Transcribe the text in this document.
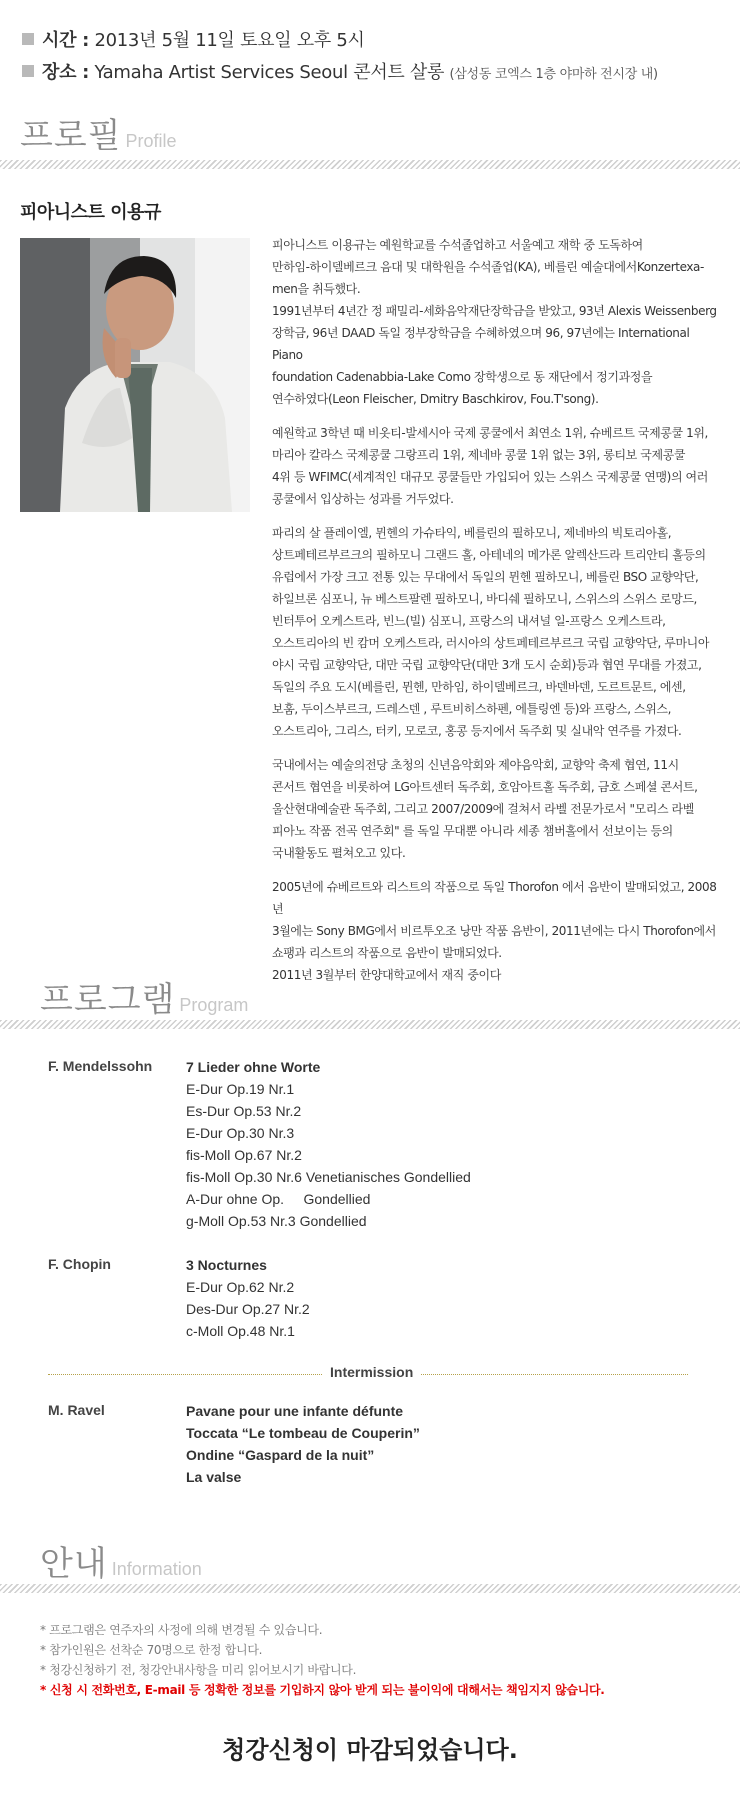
시간 : 2013년 5월 11일 토요일 오후 5시
장소 : Yamaha Artist Services Seoul 콘서트 살롱 (삼성동 코엑스 1층 야마하 전시장 내)
프로필 Profile
피아니스트 이용규

피아니스트 이용규는 예원학교를 수석졸업하고 서울예고 재학 중 도독하여
만하임-하이델베르크 음대 및 대학원을 수석졸업(KA), 베를린 예술대에서Konzertexa-
men을 취득했다.
1991년부터 4년간 정 패밀리-세화음악재단장학금을 받았고, 93년 Alexis Weissenberg
장학금, 96년 DAAD 독일 정부장학금을 수혜하였으며 96, 97년에는 International Piano
foundation Cadenabbia-Lake Como 장학생으로 동 재단에서 정기과정을
연수하였다(Leon Fleischer, Dmitry Baschkirov, Fou.T'song).

예원학교 3학년 때 비옷티-발세시아 국제 콩쿨에서 최연소 1위, 슈베르트 국제콩쿨 1위,
마리아 칼라스 국제콩쿨 그랑프리 1위, 제네바 콩쿨 1위 없는 3위, 롱티보 국제콩쿨
4위 등 WFIMC(세계적인 대규모 콩쿨들만 가입되어 있는 스위스 국제콩쿨 연맹)의 여러
콩쿨에서 입상하는 성과를 거두었다.

파리의 살 플레이엘, 뮌헨의 가슈타익, 베를린의 필하모니, 제네바의 빅토리아홀,
상트페테르부르크의 필하모니 그랜드 홀, 아테네의 메가론 알렉산드라 트리안티 홀등의
유럽에서 가장 크고 전통 있는 무대에서 독일의 뮌헨 필하모니, 베를린 BSO 교향악단,
하일브론 심포니, 뉴 베스트팔렌 필하모니, 바디쉐 필하모니, 스위스의 스위스 로망드,
빈터투어 오케스트라, 빈느(빌) 심포니, 프랑스의 내셔널 일-프랑스 오케스트라,
오스트리아의 빈 캄머 오케스트라, 러시아의 상트페테르부르크 국립 교향악단, 루마니아
야시 국립 교향악단, 대만 국립 교향악단(대만 3개 도시 순회)등과 협연 무대를 가졌고,
독일의 주요 도시(베를린, 뮌헨, 만하임, 하이델베르크, 바덴바덴, 도르트문트, 에센,
보훔, 두이스부르크, 드레스덴 , 루트비히스하펜, 에틀링엔 등)와 프랑스, 스위스,
오스트리아, 그리스, 터키, 모로코, 홍콩 등지에서 독주회 및 실내악 연주를 가졌다.

국내에서는 예술의전당 초청의 신년음악회와 제야음악회, 교향악 축제 협연, 11시
콘서트 협연을 비롯하여 LG아트센터 독주회, 호암아트홀 독주회, 금호 스페셜 콘서트,
울산현대예술관 독주회, 그리고 2007/2009에 걸쳐서 라벨 전문가로서 "모리스 라벨
피아노 작품 전곡 연주회" 를 독일 무대뿐 아니라 세종 챔버홀에서 선보이는 등의
국내활동도 펼쳐오고 있다.

2005년에 슈베르트와 리스트의 작품으로 독일 Thorofon 에서 음반이 발매되었고, 2008년
3월에는 Sony BMG에서 비르투오조 낭만 작품 음반이, 2011년에는 다시 Thorofon에서
쇼팽과 리스트의 작품으로 음반이 발매되었다.
2011년 3월부터 한양대학교에서 재직 중이다

프로그램 Program
F. Mendelssohn 7 Lieder ohne Worte
E-Dur Op.19 Nr.1
Es-Dur Op.53 Nr.2
E-Dur Op.30 Nr.3
fis-Moll Op.67 Nr.2
fis-Moll Op.30 Nr.6 Venetianisches Gondellied
A-Dur ohne Op.     Gondellied
g-Moll Op.53 Nr.3 Gondellied
F. Chopin	3 Nocturnes
E-Dur Op.62 Nr.2
Des-Dur Op.27 Nr.2
c-Moll Op.48 Nr.1
M. Ravel	Pavane pour une infante défunte
Toccata “Le tombeau de Couperin”
Ondine “Gaspard de la nuit”
La valse
Intermission
안내 Information
* 프로그램은 연주자의 사정에 의해 변경될 수 있습니다.
* 참가인원은 선착순 70명으로 한정 합니다.
* 청강신청하기 전, 청강안내사항을 미리 읽어보시기 바랍니다.
* 신청 시 전화번호, E-mail 등 정확한 정보를 기입하지 않아 받게 되는 불이익에 대해서는 책임지지 않습니다.
청강신청이 마감되었습니다.
